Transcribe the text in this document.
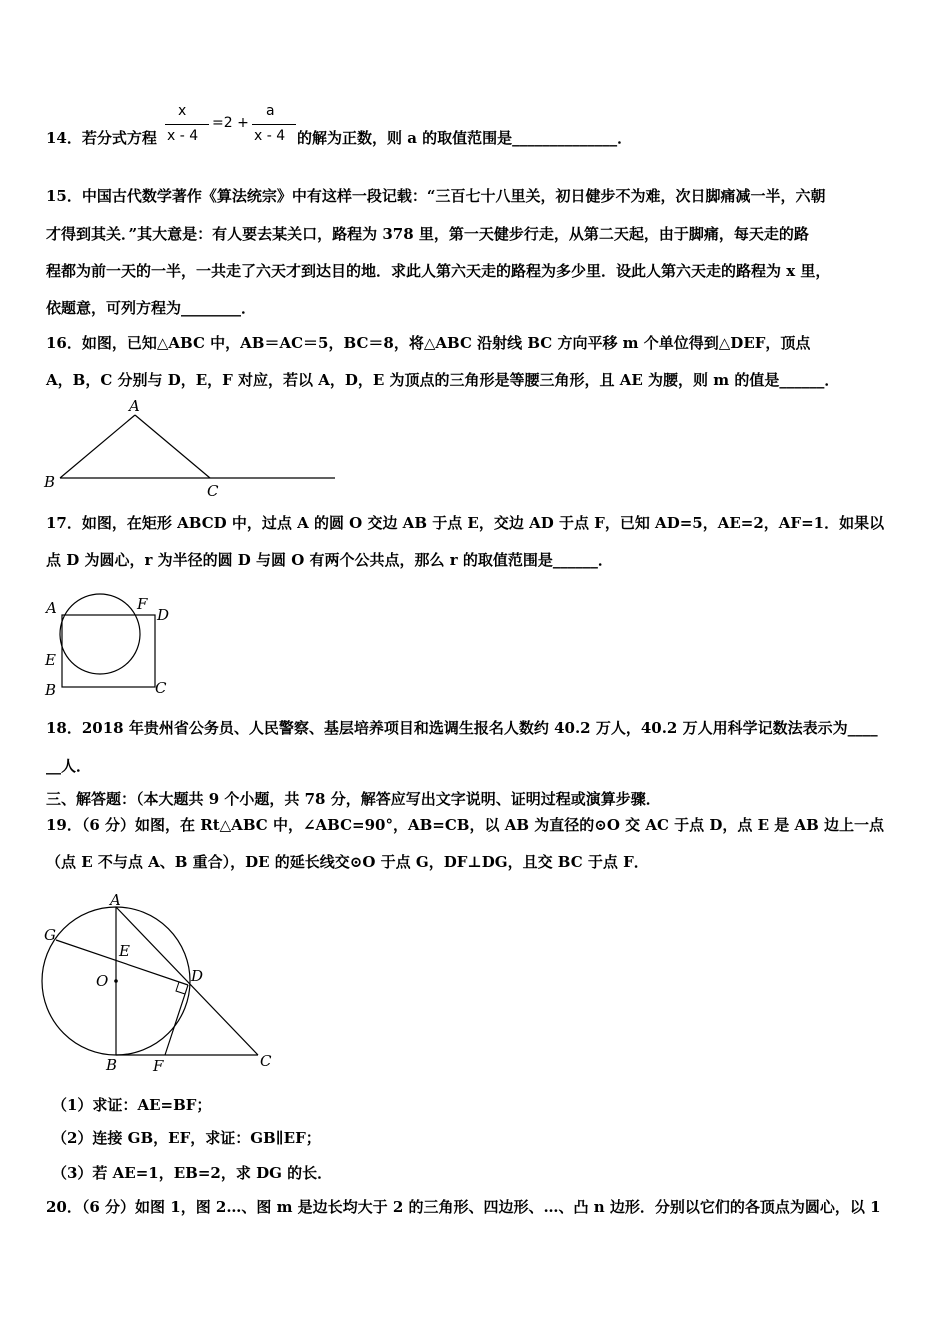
14．若分式方程
x
x - 4
=2 +
a
x - 4 的解为正数，则 a 的取值范围是______________．
15．中国古代数学著作《算法统宗》中有这样一段记载：“三百七十八里关，初日健步不为难，次日脚痛减一半，六朝
才得到其关．”其大意是：有人要去某关口，路程为 378 里，第一天健步行走，从第二天起，由于脚痛，每天走的路
程都为前一天的一半，一共走了六天才到达目的地．求此人第六天走的路程为多少里．设此人第六天走的路程为 x 里，
依题意，可列方程为________．
16．如图，已知△ABC 中，AB＝AC＝5，BC＝8，将△ABC 沿射线 BC 方向平移 m 个单位得到△DEF，顶点
A，B，C 分别与 D，E，F 对应，若以 A，D，E 为顶点的三角形是等腰三角形，且 AE 为腰，则 m 的值是______．
A
B	C
17．如图，在矩形 ABCD 中，过点 A 的圆 O 交边 AB 于点 E，交边 AD 于点 F，已知 AD=5，AE=2，AF=1．如果以
点 D 为圆心，r 为半径的圆 D 与圆 O 有两个公共点，那么 r 的取值范围是______．
A	F
D
E
B	C
18．2018 年贵州省公务员、人民警察、基层培养项目和选调生报名人数约 40.2 万人，40.2 万人用科学记数法表示为____
__人．
三、解答题：（本大题共 9 个小题，共 78 分，解答应写出文字说明、证明过程或演算步骤．
19．（6 分）如图，在 Rt△ABC 中，∠ABC=90°，AB=CB，以 AB 为直径的⊙O 交 AC 于点 D，点 E 是 AB 边上一点
（点 E 不与点 A、B 重合），DE 的延长线交⊙O 于点 G，DF⊥DG，且交 BC 于点 F．
A
G
E
O	D
B F	C
（1）求证：AE=BF；
（2）连接 GB，EF，求证：GB∥EF；
（3）若 AE=1，EB=2，求 DG 的长．
20．（6 分）如图 1，图 2…、图 m 是边长均大于 2 的三角形、四边形、…、凸 n 边形．分别以它们的各顶点为圆心，以 1
